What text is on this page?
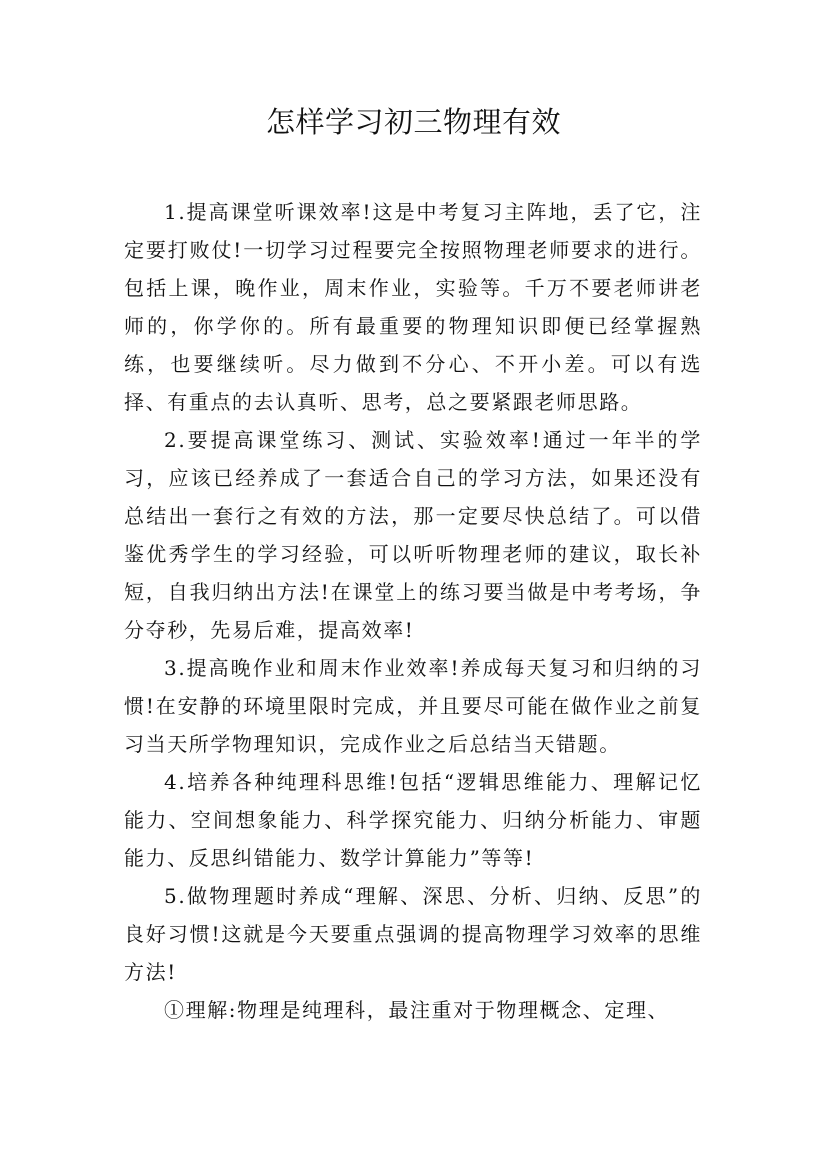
怎样学习初三物理有效

1.提高课堂听课效率!这是中考复习主阵地，丢了它，注定要打败仗!一切学习过程要完全按照物理老师要求的进行。包括上课，晚作业，周末作业，实验等。千万不要老师讲老师的，你学你的。所有最重要的物理知识即便已经掌握熟练，也要继续听。尽力做到不分心、不开小差。可以有选择、有重点的去认真听、思考，总之要紧跟老师思路。

2.要提高课堂练习、测试、实验效率!通过一年半的学习，应该已经养成了一套适合自己的学习方法，如果还没有总结出一套行之有效的方法，那一定要尽快总结了。可以借鉴优秀学生的学习经验，可以听听物理老师的建议，取长补短，自我归纳出方法!在课堂上的练习要当做是中考考场，争分夺秒，先易后难，提高效率!

3.提高晚作业和周末作业效率!养成每天复习和归纳的习惯!在安静的环境里限时完成，并且要尽可能在做作业之前复习当天所学物理知识，完成作业之后总结当天错题。

4.培养各种纯理科思维!包括“逻辑思维能力、理解记忆能力、空间想象能力、科学探究能力、归纳分析能力、审题能力、反思纠错能力、数学计算能力”等等!

5.做物理题时养成“理解、深思、分析、归纳、反思”的良好习惯!这就是今天要重点强调的提高物理学习效率的思维方法!

①理解:物理是纯理科，最注重对于物理概念、定理、
